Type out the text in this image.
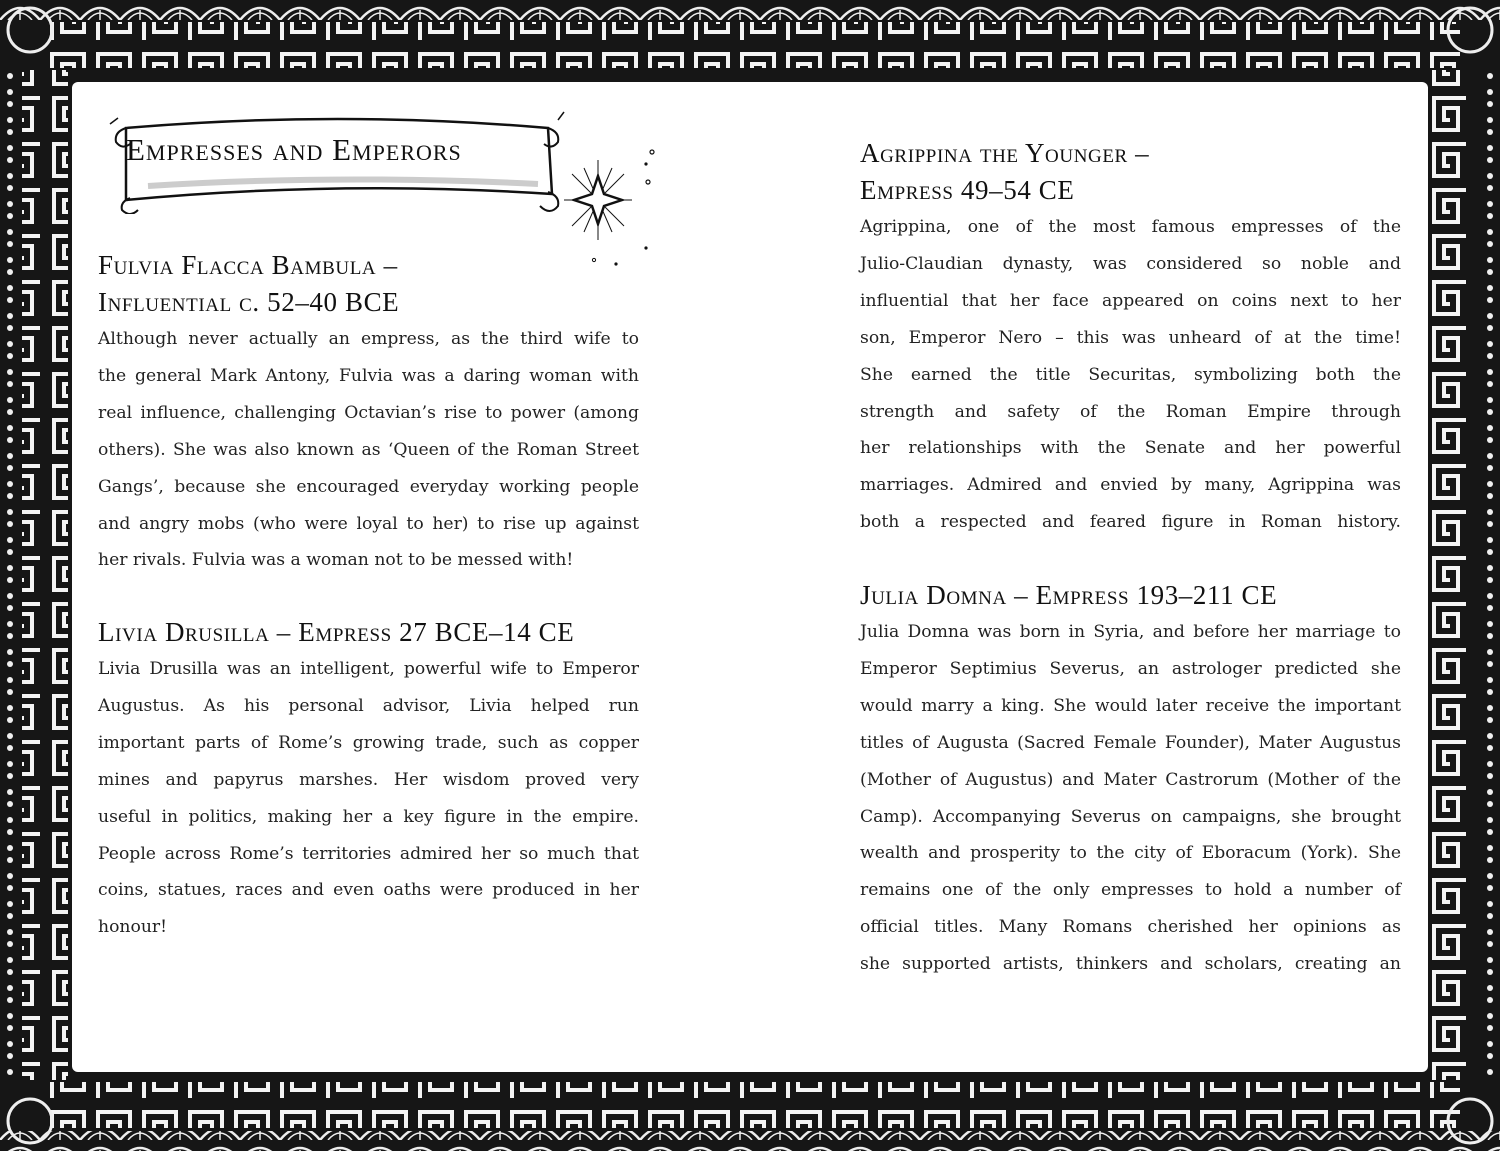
Empresses and Emperors
Fulvia Flacca Bambula –
Influential c. 52–40 BCE

Although never actually an empress, as the third wife to
the general Mark Antony, Fulvia was a daring woman with
real influence, challenging Octavian’s rise to power (among
others). She was also known as ‘Queen of the Roman Street
Gangs’, because she encouraged everyday working people
and angry mobs (who were loyal to her) to rise up against
her rivals. Fulvia was a woman not to be messed with!

Livia Drusilla – Empress 27 BCE–14 CE

Livia Drusilla was an intelligent, powerful wife to Emperor
Augustus. As his personal advisor, Livia helped run
important parts of Rome’s growing trade, such as copper
mines and papyrus marshes. Her wisdom proved very
useful in politics, making her a key figure in the empire.
People across Rome’s territories admired her so much that
coins, statues, races and even oaths were produced in her
honour!

Agrippina the Younger –
Empress 49–54 CE

Agrippina, one of the most famous empresses of the
Julio-Claudian dynasty, was considered so noble and
influential that her face appeared on coins next to her
son, Emperor Nero – this was unheard of at the time!
She earned the title Securitas, symbolizing both the
strength and safety of the Roman Empire through
her relationships with the Senate and her powerful
marriages. Admired and envied by many, Agrippina was
both a respected and feared figure in Roman history.

Julia Domna – Empress 193–211 CE

Julia Domna was born in Syria, and before her marriage to
Emperor Septimius Severus, an astrologer predicted she
would marry a king. She would later receive the important
titles of Augusta (Sacred Female Founder), Mater Augustus
(Mother of Augustus) and Mater Castrorum (Mother of the
Camp). Accompanying Severus on campaigns, she brought
wealth and prosperity to the city of Eboracum (York). She
remains one of the only empresses to hold a number of
official titles. Many Romans cherished her opinions as
she supported artists, thinkers and scholars, creating an
